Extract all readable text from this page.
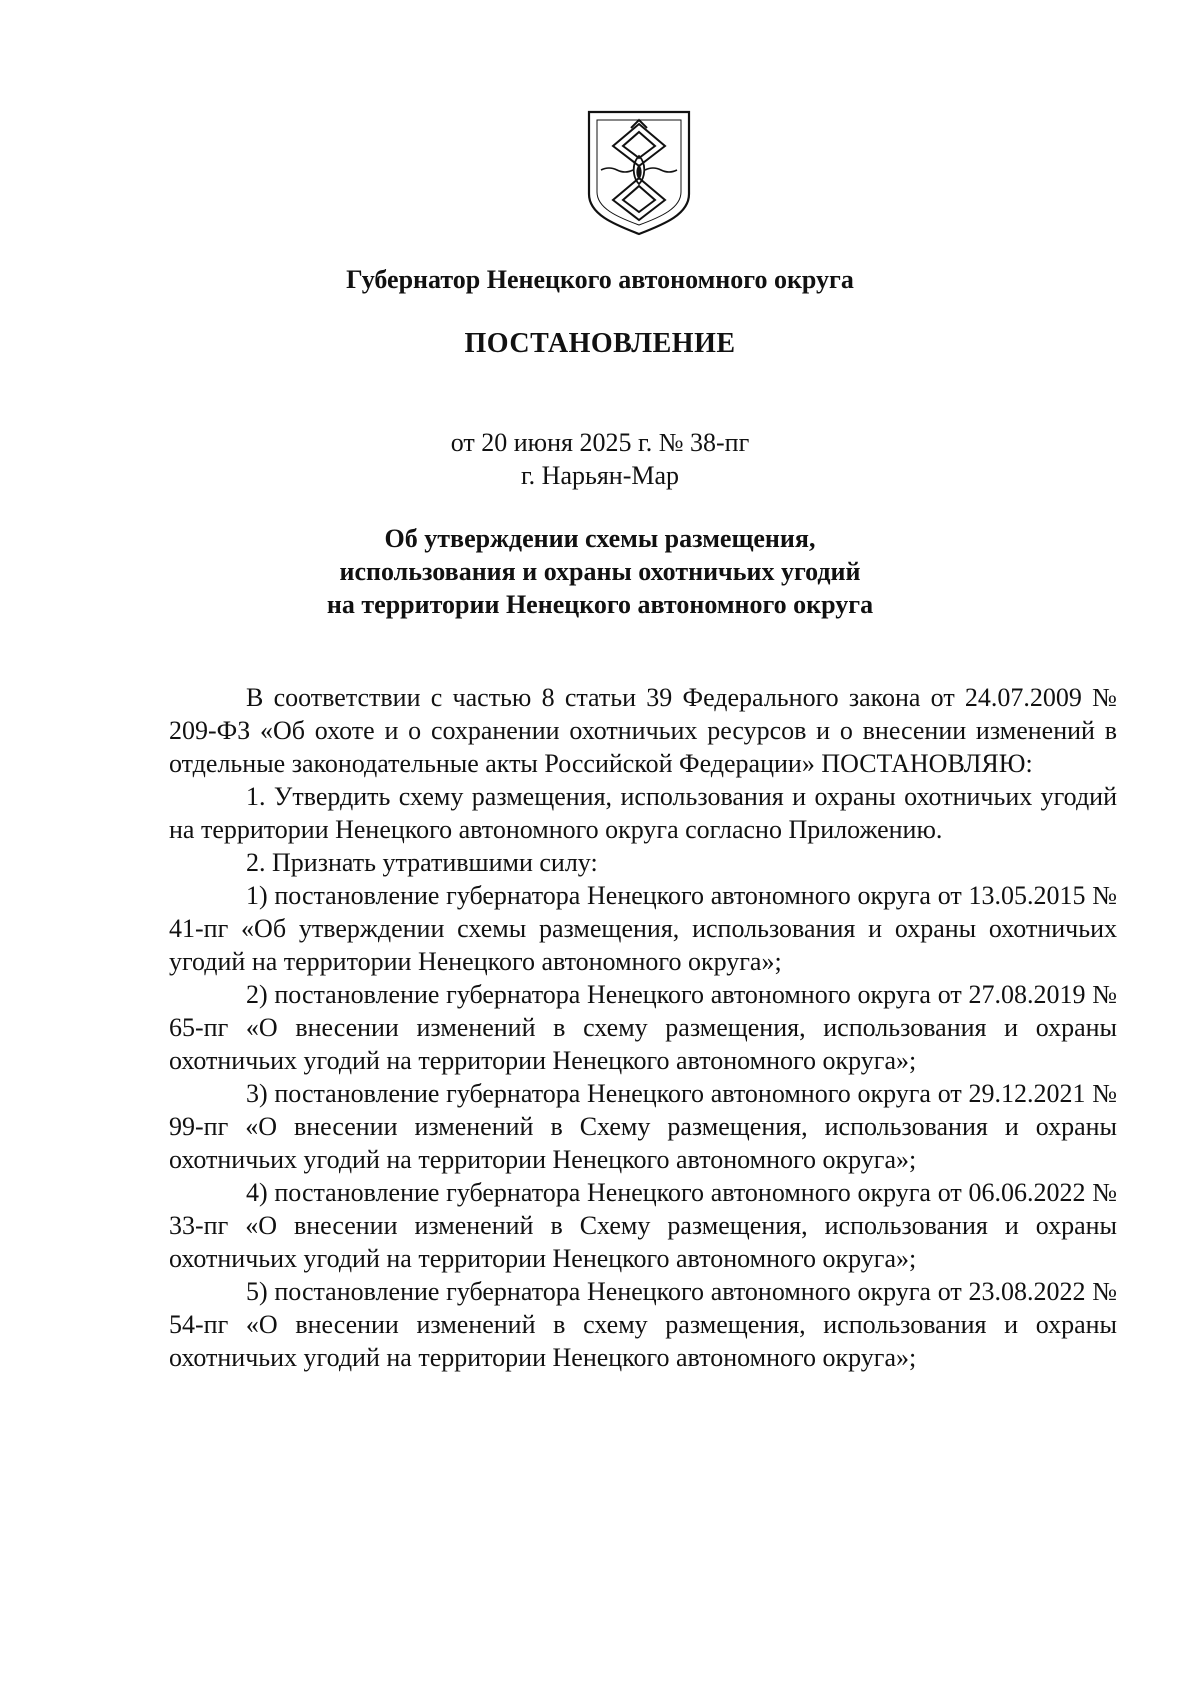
Губернатор Ненецкого автономного округа
ПОСТАНОВЛЕНИЕ
от 20 июня 2025 г. № 38-пг
г. Нарьян-Мар
Об утверждении схемы размещения,
использования и охраны охотничьих угодий
на территории Ненецкого автономного округа

В соответствии с частью 8 статьи 39 Федерального закона от 24.07.2009 № 209-ФЗ «Об охоте и о сохранении охотничьих ресурсов и о внесении изменений в отдельные законодательные акты Российской Федерации» ПОСТАНОВЛЯЮ:

1. Утвердить схему размещения, использования и охраны охотничьих угодий на территории Ненецкого автономного округа согласно Приложению.

2. Признать утратившими силу:

1) постановление губернатора Ненецкого автономного округа от 13.05.2015 № 41-пг «Об утверждении схемы размещения, использования и охраны охотничьих угодий на территории Ненецкого автономного округа»;

2) постановление губернатора Ненецкого автономного округа от 27.08.2019 № 65-пг «О внесении изменений в схему размещения, использования и охраны охотничьих угодий на территории Ненецкого автономного округа»;

3) постановление губернатора Ненецкого автономного округа от 29.12.2021 № 99-пг «О внесении изменений в Схему размещения, использования и охраны охотничьих угодий на территории Ненецкого автономного округа»;

4) постановление губернатора Ненецкого автономного округа от 06.06.2022 № 33-пг «О внесении изменений в Схему размещения, использования и охраны охотничьих угодий на территории Ненецкого автономного округа»;

5) постановление губернатора Ненецкого автономного округа от 23.08.2022 № 54-пг «О внесении изменений в схему размещения, использования и охраны охотничьих угодий на территории Ненецкого автономного округа»;
